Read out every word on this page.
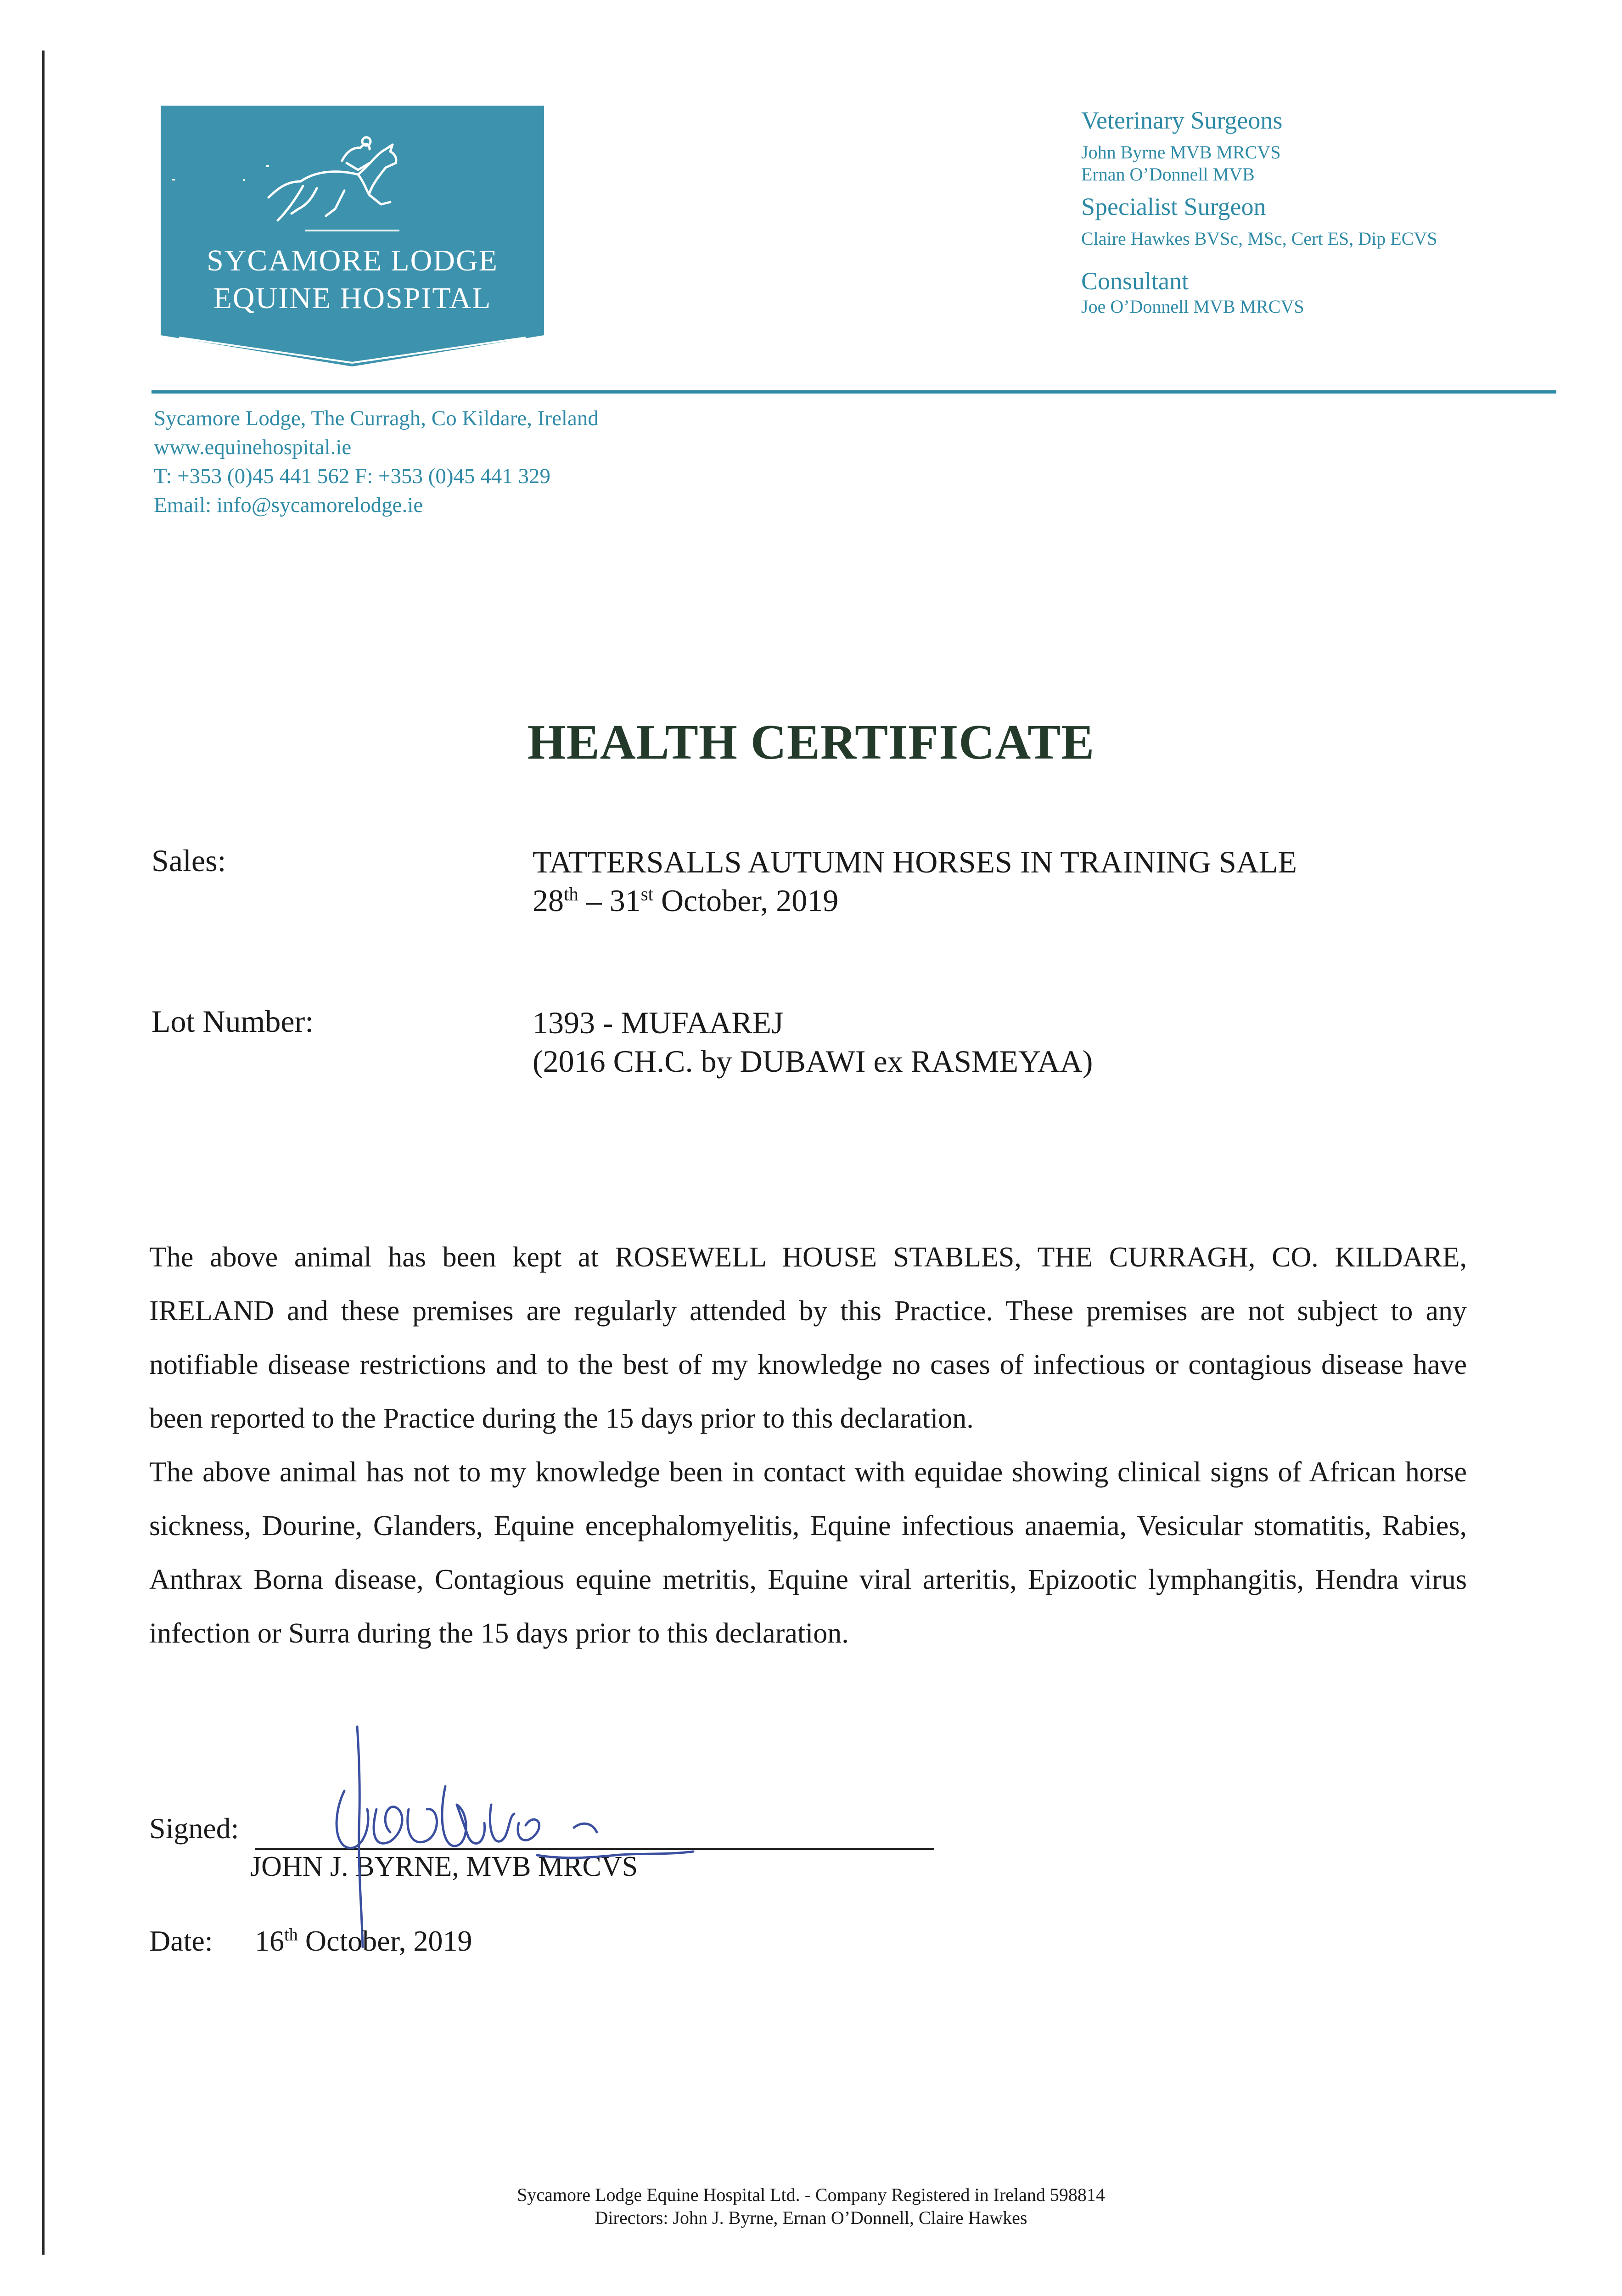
SYCAMORE LODGE
EQUINE HOSPITAL

Veterinary Surgeons

John Byrne MVB MRCVS

Ernan O’Donnell MVB

Specialist Surgeon

Claire Hawkes BVSc, MSc, Cert ES, Dip ECVS

Consultant

Joe O’Donnell MVB MRCVS

Sycamore Lodge, The Curragh, Co Kildare, Ireland
www.equinehospital.ie
T: +353 (0)45 441 562 F: +353 (0)45 441 329
Email: info@sycamorelodge.ie
HEALTH CERTIFICATE
Sales:	TATTERSALLS AUTUMN HORSES IN TRAINING SALE
28th – 31st October, 2019
Lot Number:	1393 - MUFAAREJ
(2016 CH.C. by DUBAWI ex RASMEYAA)

The above animal has been kept at ROSEWELL HOUSE STABLES, THE CURRAGH, CO. KILDARE, IRELAND and these premises are regularly attended by this Practice. These premises are not subject to any notifiable disease restrictions and to the best of my knowledge no cases of infectious or contagious disease have been reported to the Practice during the 15 days prior to this declaration.

The above animal has not to my knowledge been in contact with equidae showing clinical signs of African horse sickness, Dourine, Glanders, Equine encephalomyelitis, Equine infectious anaemia, Vesicular stomatitis, Rabies, Anthrax Borna disease, Contagious equine metritis, Equine viral arteritis, Epizootic lymphangitis, Hendra virus infection or Surra during the 15 days prior to this declaration.

Signed:
JOHN J. BYRNE, MVB MRCVS
Date: 16th October, 2019
Sycamore Lodge Equine Hospital Ltd. - Company Registered in Ireland 598814
Directors: John J. Byrne, Ernan O’Donnell, Claire Hawkes
